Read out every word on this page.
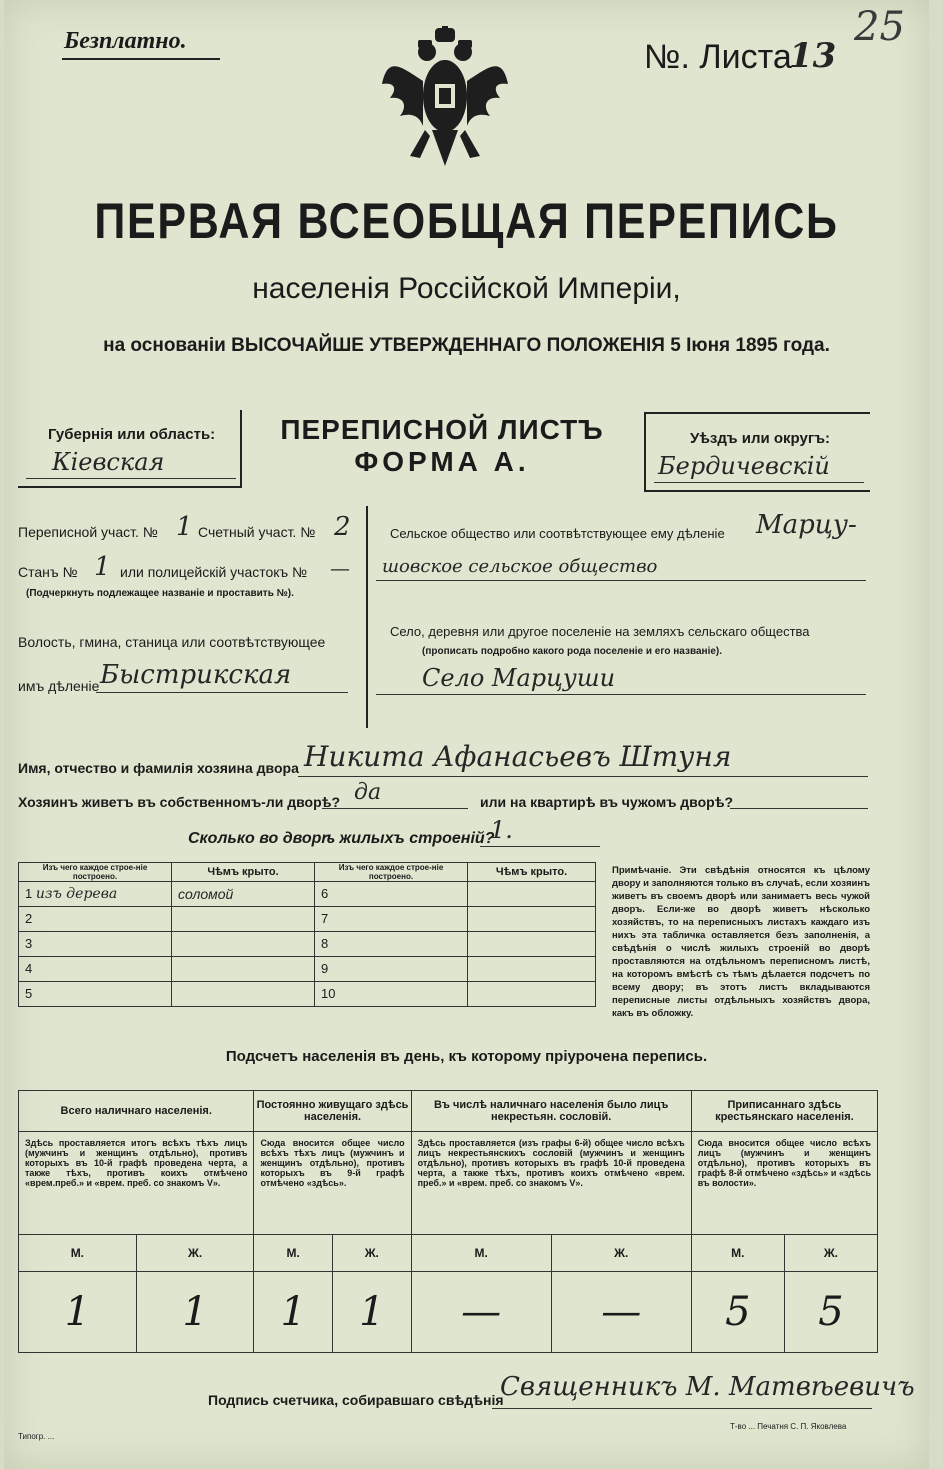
Безплатно.	№. Листа
13
25
ПЕРВАЯ ВСЕОБЩАЯ ПЕРЕПИСЬ
населенія Россійской Имперіи,
на основаніи ВЫСОЧАЙШЕ УТВЕРЖДЕННАГО ПОЛОЖЕНІЯ 5 Іюня 1895 года.
Губернія или область:
Кіевская
ПЕРЕПИСНОЙ ЛИСТЪ
ФОРМА А.
Уѣздъ или округъ:
Бердичевскій
Переписной участ. № 1 Счетный участ. № 2
Станъ № 1 или полицейскій участокъ № —
(Подчеркнуть подлежащее названіе и проставить №).
Волость, гмина, станица или соотвѣтствующее
имъ дѣленіе Быстрикская
Сельское общество или соотвѣтствующее ему дѣленіе Марцу-
шовское сельское общество
Село, деревня или другое поселеніе на земляхъ сельскаго общества
(прописать подробно какого рода поселеніе и его названіе).
Село Марцуши
Имя, отчество и фамилія хозяина двора Никита Афанасьевъ Штуня
Хозяинъ живетъ въ собственномъ-ли дворѣ? да	или на квартирѣ въ чужомъ дворѣ?
Сколько во дворѣ жилыхъ строеній?
1.
Изъ чего каждое строе-ніе построено.	Чѣмъ крыто.	Изъ чего каждое строе-ніе построено.	Чѣмъ крыто.
1 изъ дерева	соломой	6	
2		7	
3		8	
4		9	
5		10	
Примѣчаніе. Эти свѣдѣнія относятся къ цѣлому двору и заполняются только въ случаѣ, если хозяинъ живетъ въ своемъ дворѣ или занимаетъ весь чужой дворъ. Если-же во дворѣ живетъ нѣсколько хозяйствъ, то на переписныхъ листахъ каждаго изъ нихъ эта табличка оставляется безъ заполненія, а свѣдѣнія о числѣ жилыхъ строеній во дворѣ проставляются на отдѣльномъ переписномъ листѣ, на которомъ вмѣстѣ съ тѣмъ дѣлается подсчетъ по всему двору; въ этотъ листъ вкладываются переписные листы отдѣльныхъ хозяйствъ двора, какъ въ обложку.
Подсчетъ населенія въ день, къ которому пріурочена перепись.
Всего наличнаго населенія.		Постоянно живущаго здѣсь населенія.		Въ числѣ наличнаго населенія было лицъ некрестьян. сословій.		Приписаннаго здѣсь крестьянскаго населенія.	
Здѣсь проставляется итогъ всѣхъ тѣхъ лицъ (мужчинъ и женщинъ отдѣльно), противъ которыхъ въ 10-й графѣ проведена черта, а также тѣхъ, противъ коихъ отмѣчено «врем.преб.» и «врем. преб. со знакомъ V».		Сюда вносится общее число всѣхъ тѣхъ лицъ (мужчинъ и женщинъ отдѣльно), противъ которыхъ въ 9-й графѣ отмѣчено «здѣсь».		Здѣсь проставляется (изъ графы 6-й) общее число всѣхъ лицъ некрестьянскихъ сословій (мужчинъ и женщинъ отдѣльно), противъ которыхъ въ графѣ 10-й проведена черта, а также тѣхъ, противъ коихъ отмѣчено «врем. преб.» и «врем. преб. со знакомъ V».		Сюда вносится общее число всѣхъ лицъ (мужчинъ и женщинъ отдѣльно), противъ которыхъ въ графѣ 8-й отмѣчено «здѣсь» и «здѣсь въ волости».	
М.	Ж.	М.	Ж.	М.	Ж.	М.	Ж.
1	1	1	1	—	—	5	5
Подпись счетчика, собиравшаго свѣдѣнія
Священникъ М. Матвѣевичъ
Типогр. ...
Т-во ... Печатня С. П. Яковлева
